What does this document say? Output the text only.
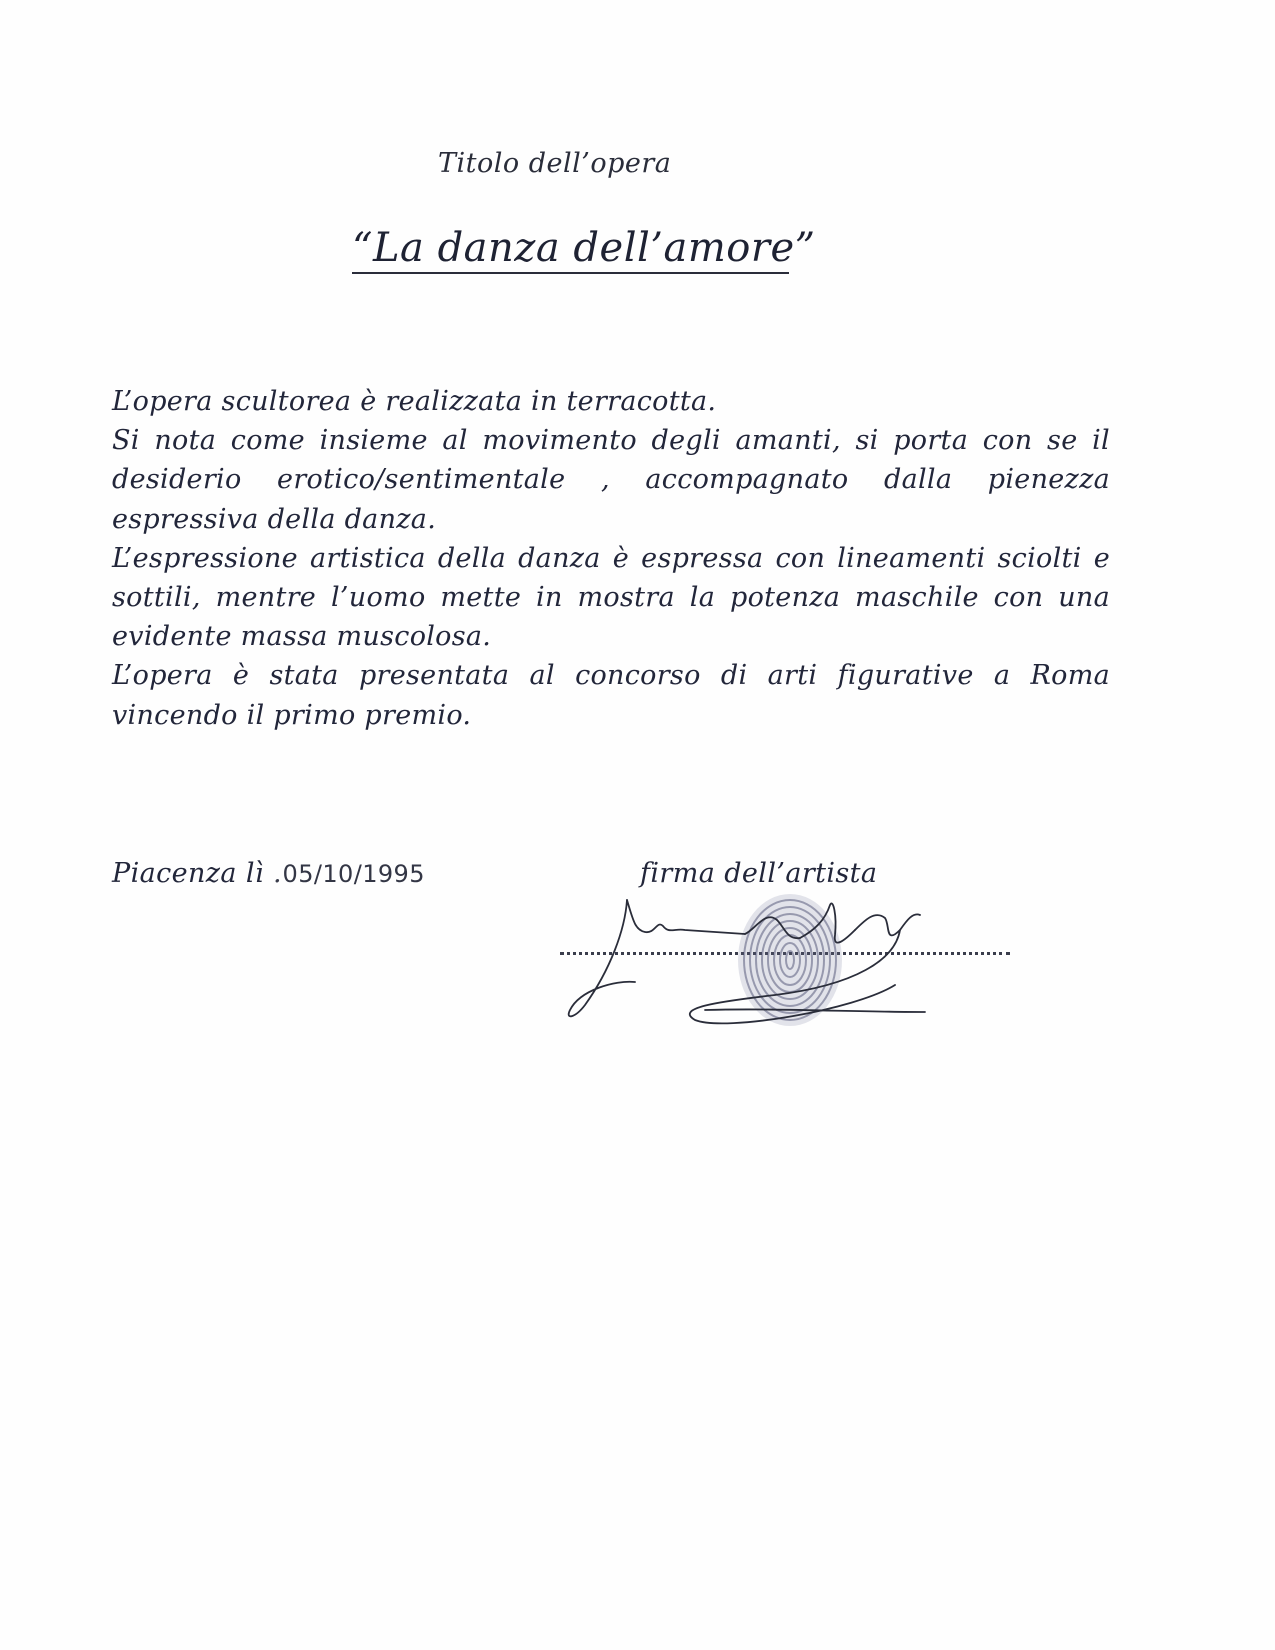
Titolo dell’opera
“La danza dell’amore”

L’opera scultorea è realizzata in terracotta.

Si nota come insieme al movimento degli amanti, si porta con se il desiderio erotico/sentimentale , accompagnato dalla pienezza espressiva della danza.

L’espressione artistica della danza è espressa con lineamenti sciolti e sottili, mentre l’uomo mette in mostra la potenza maschile con una evidente massa muscolosa.

L’opera è stata presentata al concorso di arti figurative a Roma vincendo il primo premio.

Piacenza lì .05/10/1995	firma dell’artista
